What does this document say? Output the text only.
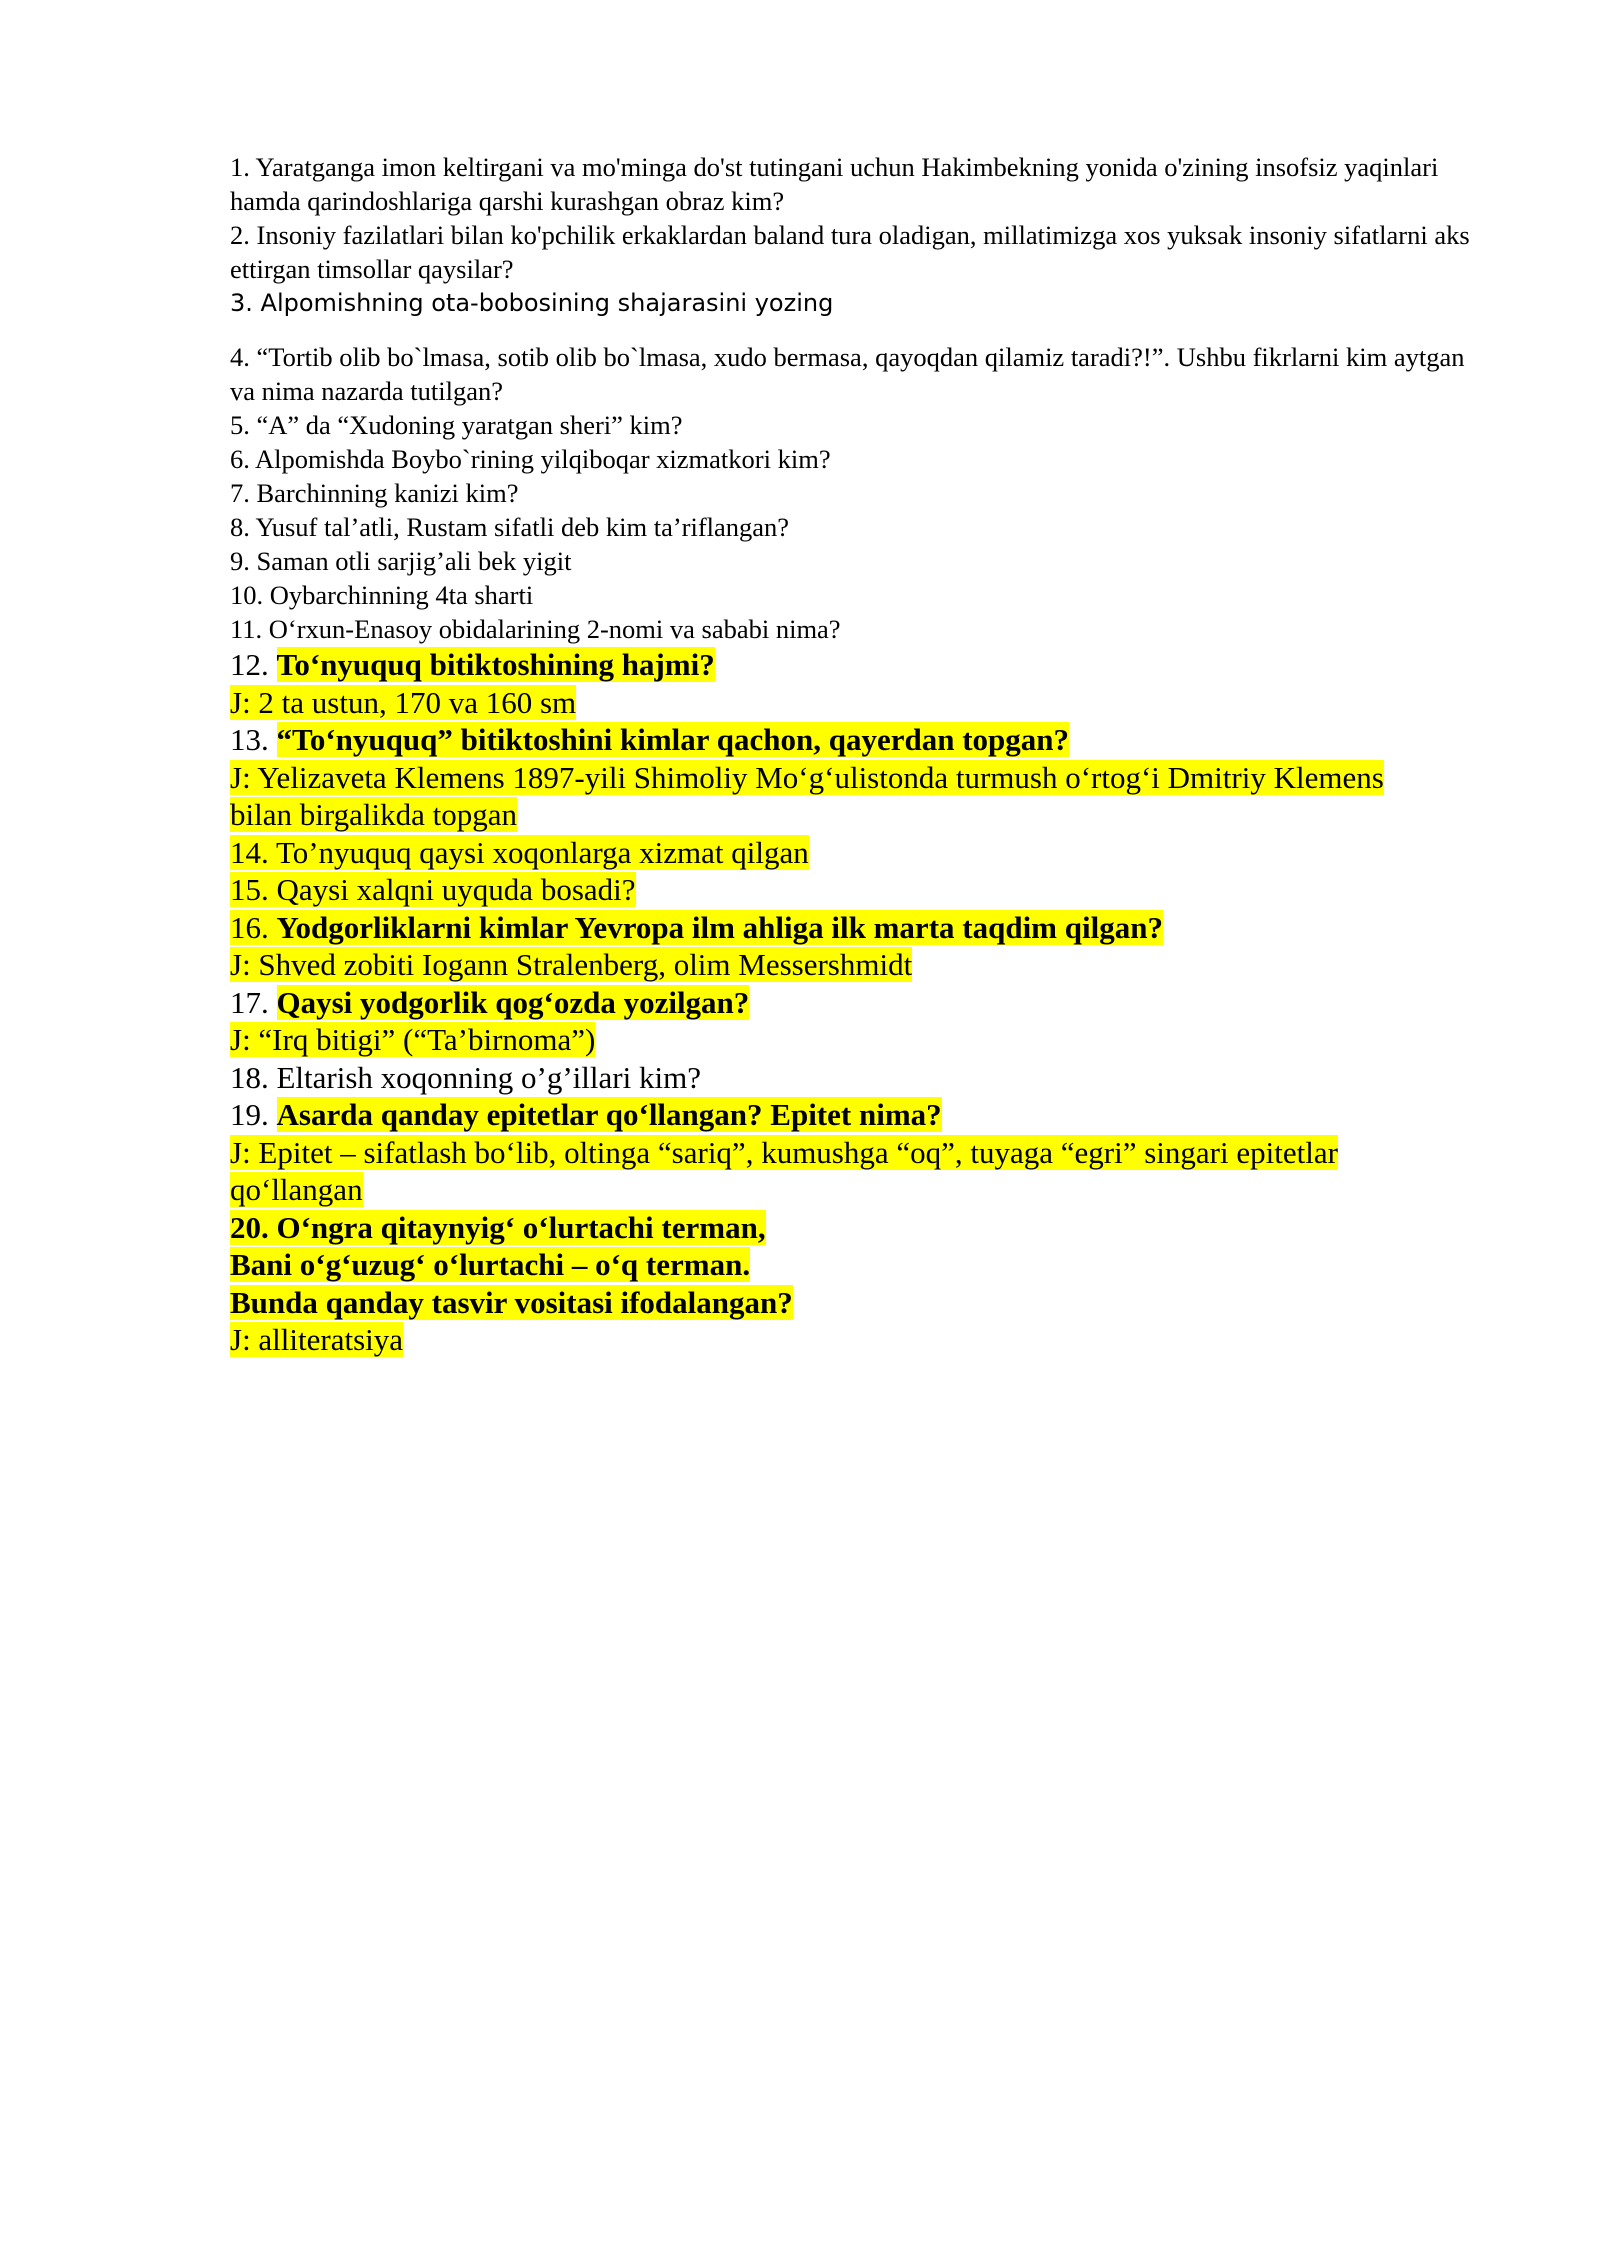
1. Yaratganga imon keltirgani va mo'minga do'st tutingani uchun Hakimbekning yonida o'zining insofsiz yaqinlari hamda qarindoshlariga qarshi kurashgan obraz kim?

2. Insoniy fazilatlari bilan ko'pchilik erkaklardan baland tura oladigan, millatimizga xos yuksak insoniy sifatlarni aks ettirgan timsollar qaysilar?

3. Alpomishning ota-bobosining shajarasini yozing

4. “Tortib olib bo`lmasa, sotib olib bo`lmasa, xudo bermasa, qayoqdan qilamiz taradi?!”. Ushbu fikrlarni kim aytgan va nima nazarda tutilgan?

5. “A” da “Xudoning yaratgan sheri” kim?

6. Alpomishda Boybo`rining yilqiboqar xizmatkori kim?

7. Barchinning kanizi kim?

8. Yusuf tal’atli, Rustam sifatli deb kim ta’riflangan?

9. Saman otli sarjig’ali bek yigit

10. Oybarchinning 4ta sharti

11. O‘rxun-Enasoy obidalarining 2-nomi va sababi nima?

12. To‘nyuquq bitiktoshining hajmi?

J: 2 ta ustun, 170 va 160 sm

13. “To‘nyuquq” bitiktoshini kimlar qachon, qayerdan topgan?

J: Yelizaveta Klemens 1897-yili Shimoliy Mo‘g‘ulistonda turmush o‘rtog‘i Dmitriy Klemens

bilan birgalikda topgan

14. To’nyuquq qaysi xoqonlarga xizmat qilgan

15. Qaysi xalqni uyquda bosadi?

16. Yodgorliklarni kimlar Yevropa ilm ahliga ilk marta taqdim qilgan?

J: Shved zobiti Iogann Stralenberg, olim Messershmidt

17. Qaysi yodgorlik qog‘ozda yozilgan?

J: “Irq bitigi” (“Ta’birnoma”)

18. Eltarish xoqonning o’g’illari kim?

19. Asarda qanday epitetlar qo‘llangan? Epitet nima?

J: Epitet – sifatlash bo‘lib, oltinga “sariq”, kumushga “oq”, tuyaga “egri” singari epitetlar

qo‘llangan

20. O‘ngra qitaynyig‘ o‘lurtachi terman,

Bani o‘g‘uzug‘ o‘lurtachi – o‘q terman.

Bunda qanday tasvir vositasi ifodalangan?

J: alliteratsiya
